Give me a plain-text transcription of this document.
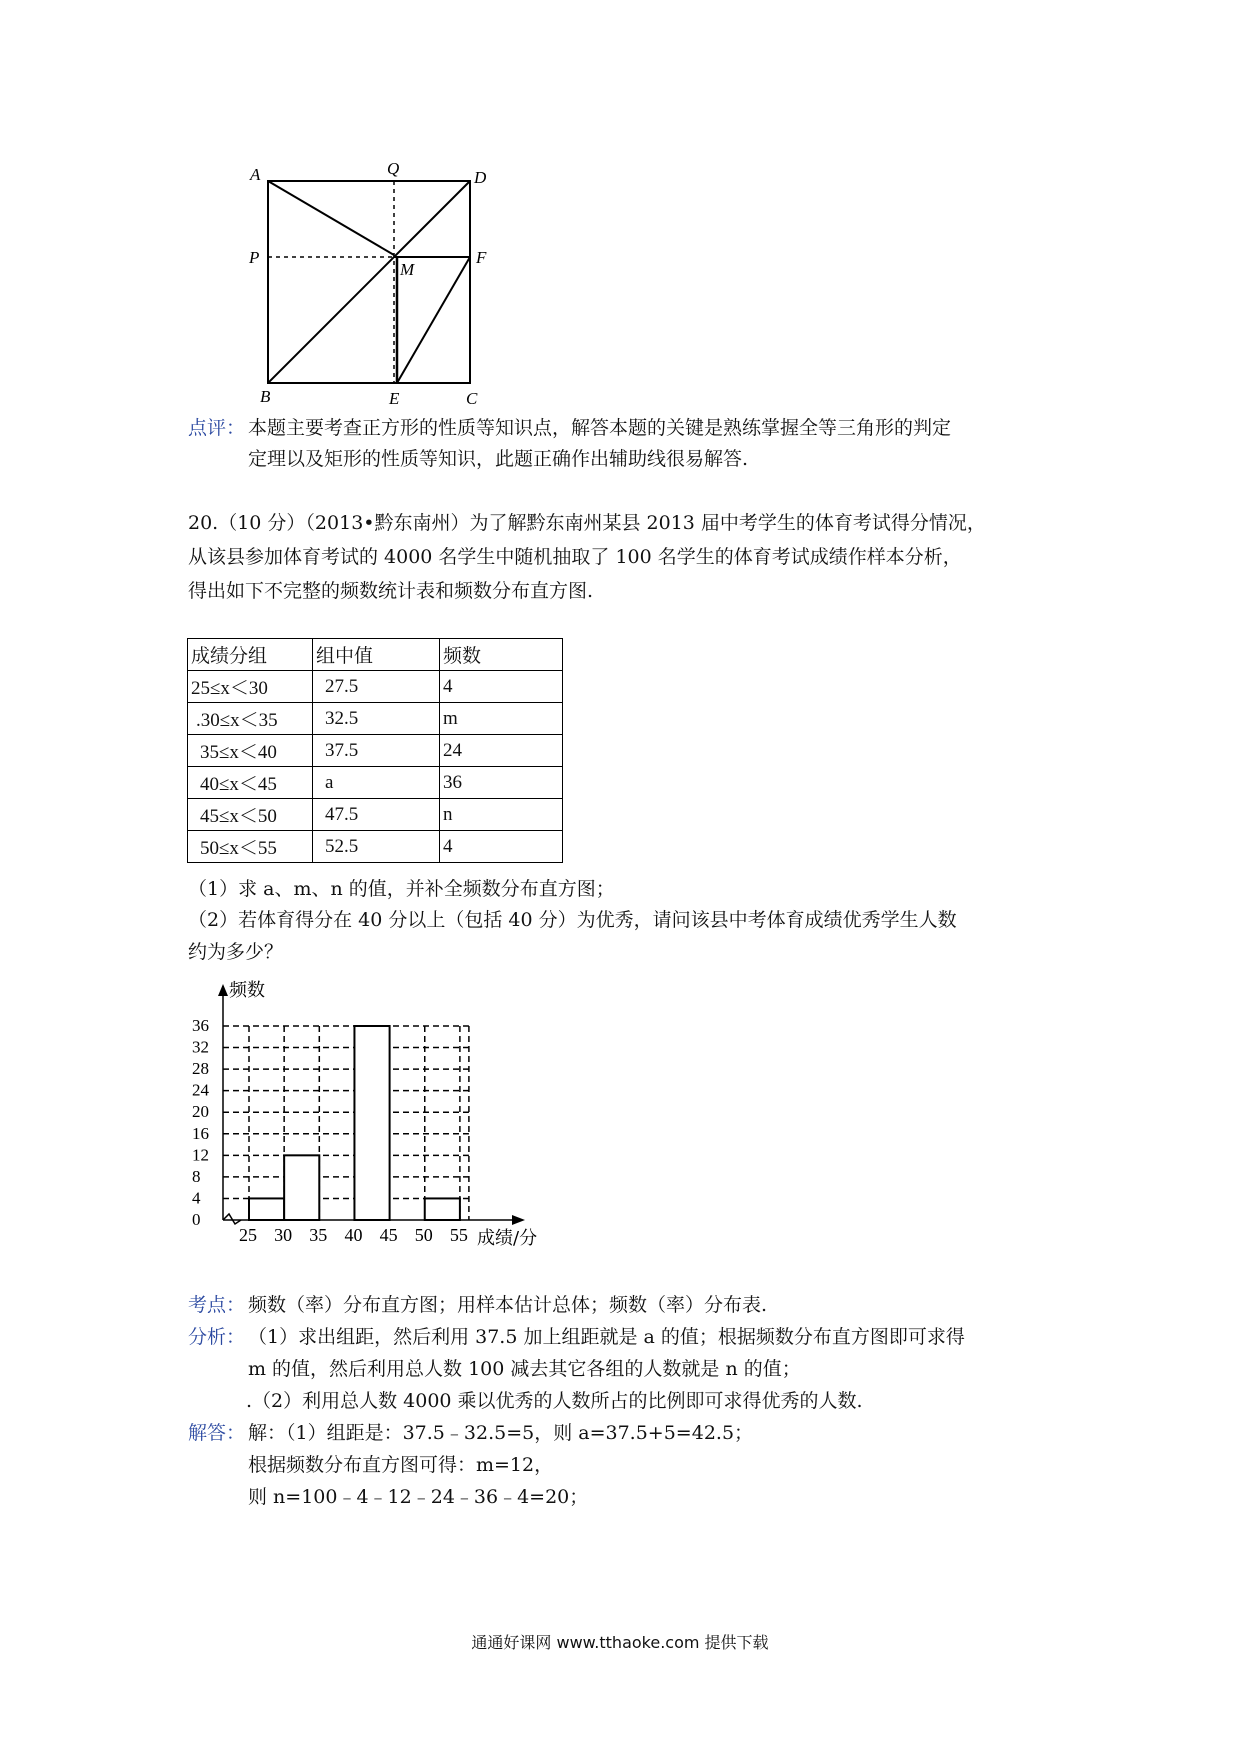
A	Q	D
P
M
F
B	E	C
点评： 本题主要考查正方形的性质等知识点，解答本题的关键是熟练掌握全等三角形的判定
定理以及矩形的性质等知识，此题正确作出辅助线很易解答.
20.（10 分）（2013•黔东南州）为了解黔东南州某县 2013 届中考学生的体育考试得分情况，
从该县参加体育考试的 4000 名学生中随机抽取了 100 名学生的体育考试成绩作样本分析，
得出如下不完整的频数统计表和频数分布直方图.
成绩分组	组中值	频数
25≤x＜30	27.5	4
.30≤x＜35	32.5	m
35≤x＜40	37.5	24
40≤x＜45	a	36
45≤x＜50	47.5	n
50≤x＜55	52.5	4
（1）求 a、m、n 的值，并补全频数分布直方图；
（2）若体育得分在 40 分以上（包括 40 分）为优秀，请问该县中考体育成绩优秀学生人数
约为多少？
0
4
8
12
16
20
24
28
32
36
25 30 35 40 45 50 55
频数
成绩/分
考点： 频数（率）分布直方图；用样本估计总体；频数（率）分布表.
分析： （1）求出组距，然后利用 37.5 加上组距就是 a 的值；根据频数分布直方图即可求得
m 的值，然后利用总人数 100 减去其它各组的人数就是 n 的值；
.（2）利用总人数 4000 乘以优秀的人数所占的比例即可求得优秀的人数.
解答： 解：（1）组距是：37.5﹣32.5=5，则 a=37.5+5=42.5；
根据频数分布直方图可得：m=12，
则 n=100﹣4﹣12﹣24﹣36﹣4=20；
通通好课网 www.tthaoke.com 提供下载
